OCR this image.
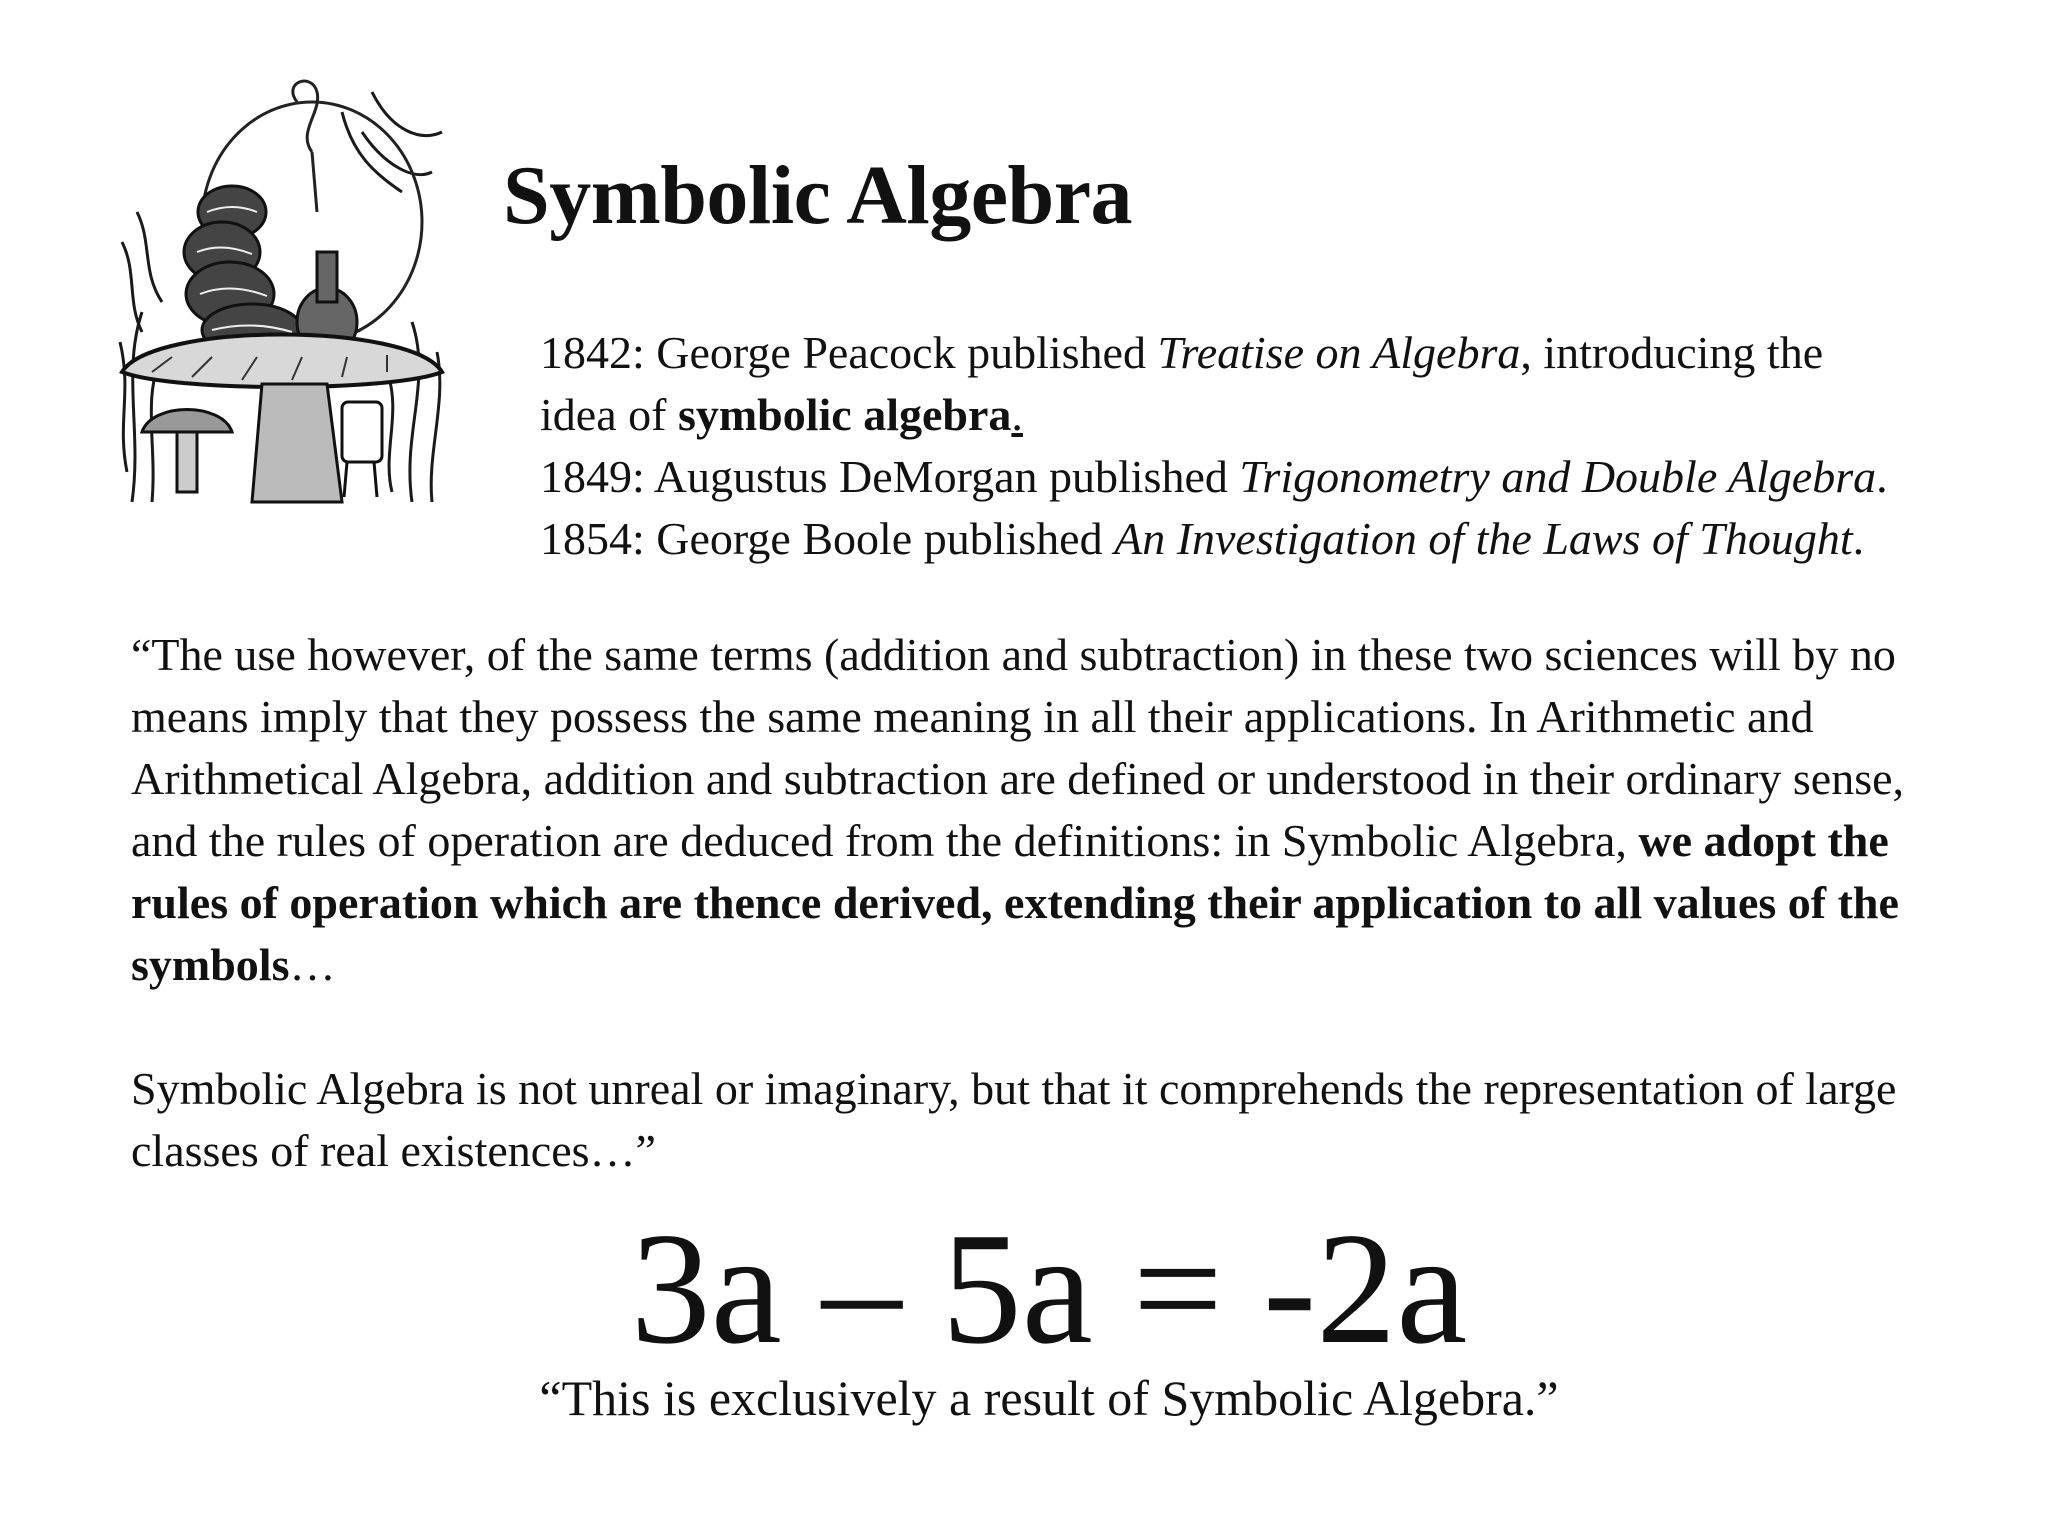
Symbolic Algebra
1842: George Peacock published Treatise on Algebra, introducing the
idea of symbolic algebra.
1849: Augustus DeMorgan published Trigonometry and Double Algebra.
1854: George Boole published An Investigation of the Laws of Thought.

“The use however, of the same terms (addition and subtraction) in these two sciences will by no means imply that they possess the same meaning in all their applications. In Arithmetic and Arithmetical Algebra, addition and subtraction are defined or understood in their ordinary sense, and the rules of operation are deduced from the definitions: in Symbolic Algebra, we adopt the rules of operation which are thence derived, extending their application to all values of the symbols…

Symbolic Algebra is not unreal or imaginary, but that it comprehends the representation of large classes of real existences…”

3a – 5a = -2a
“This is exclusively a result of Symbolic Algebra.”
